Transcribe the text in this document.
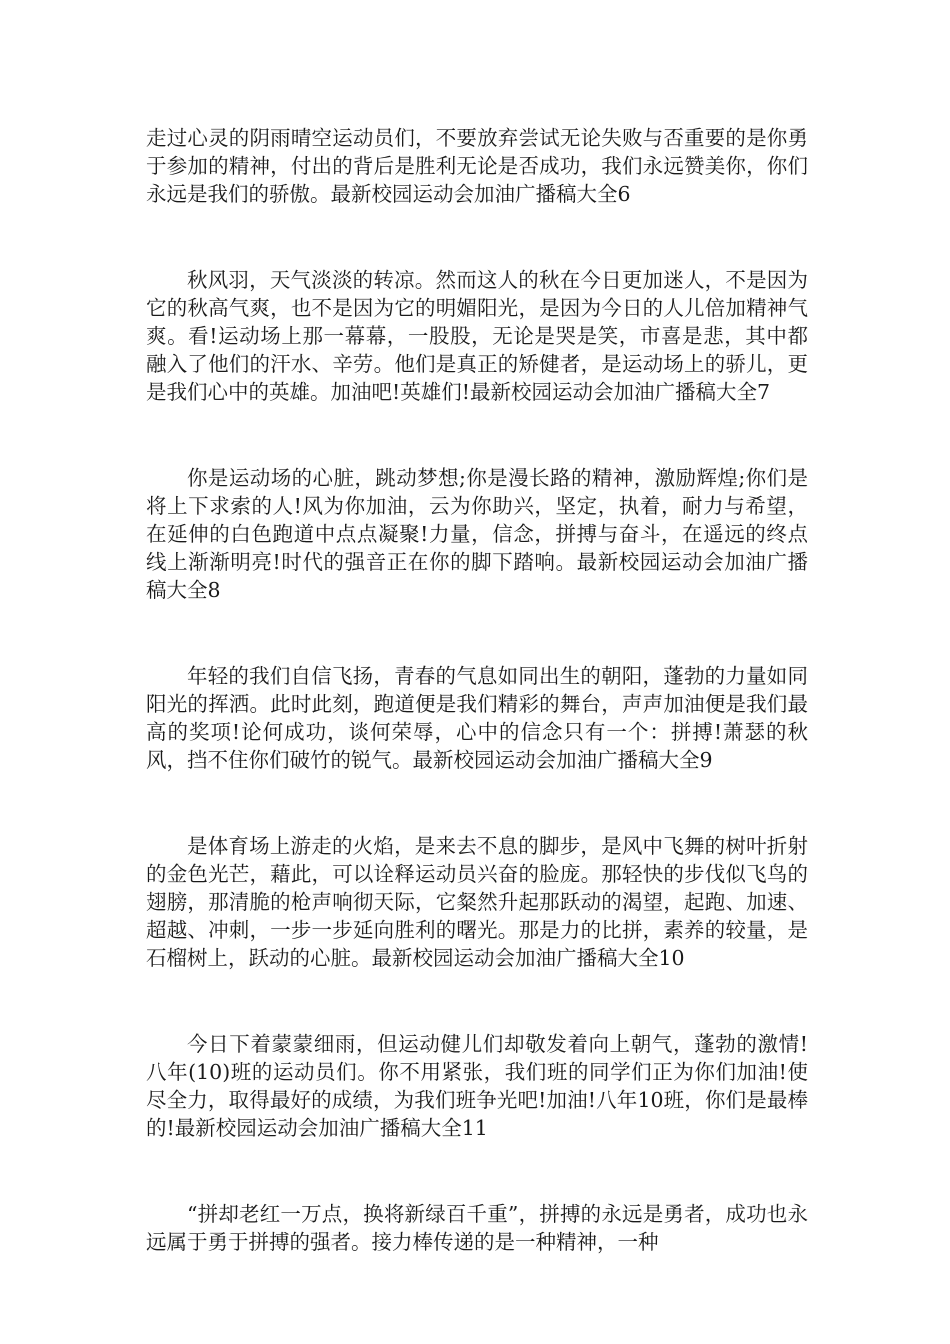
走过心灵的阴雨晴空运动员们，不要放弃尝试无论失败与否重要的是你勇于参加的精神，付出的背后是胜利无论是否成功，我们永远赞美你，你们永远是我们的骄傲。最新校园运动会加油广播稿大全6

秋风羽，天气淡淡的转凉。然而这人的秋在今日更加迷人，不是因为它的秋高气爽，也不是因为它的明媚阳光，是因为今日的人儿倍加精神气爽。看!运动场上那一幕幕，一股股，无论是哭是笑，市喜是悲，其中都融入了他们的汗水、辛劳。他们是真正的矫健者，是运动场上的骄儿，更是我们心中的英雄。加油吧!英雄们!最新校园运动会加油广播稿大全7

你是运动场的心脏，跳动梦想;你是漫长路的精神，激励辉煌;你们是将上下求索的人!风为你加油，云为你助兴，坚定，执着，耐力与希望，在延伸的白色跑道中点点凝聚!力量，信念，拼搏与奋斗，在遥远的终点线上渐渐明亮!时代的强音正在你的脚下踏响。最新校园运动会加油广播稿大全8

年轻的我们自信飞扬，青春的气息如同出生的朝阳，蓬勃的力量如同阳光的挥洒。此时此刻，跑道便是我们精彩的舞台，声声加油便是我们最高的奖项!论何成功，谈何荣辱，心中的信念只有一个：拼搏!萧瑟的秋风，挡不住你们破竹的锐气。最新校园运动会加油广播稿大全9

是体育场上游走的火焰，是来去不息的脚步，是风中飞舞的树叶折射的金色光芒，藉此，可以诠释运动员兴奋的脸庞。那轻快的步伐似飞鸟的翅膀，那清脆的枪声响彻天际，它粲然升起那跃动的渴望，起跑、加速、超越、冲刺，一步一步延向胜利的曙光。那是力的比拼，素养的较量，是石榴树上，跃动的心脏。最新校园运动会加油广播稿大全10

今日下着蒙蒙细雨，但运动健儿们却敬发着向上朝气，蓬勃的激情!八年(10)班的运动员们。你不用紧张，我们班的同学们正为你们加油!使尽全力，取得最好的成绩，为我们班争光吧!加油!八年10班，你们是最棒的!最新校园运动会加油广播稿大全11

“拼却老红一万点，换将新绿百千重”，拼搏的永远是勇者，成功也永远属于勇于拼搏的强者。接力棒传递的是一种精神，一种
